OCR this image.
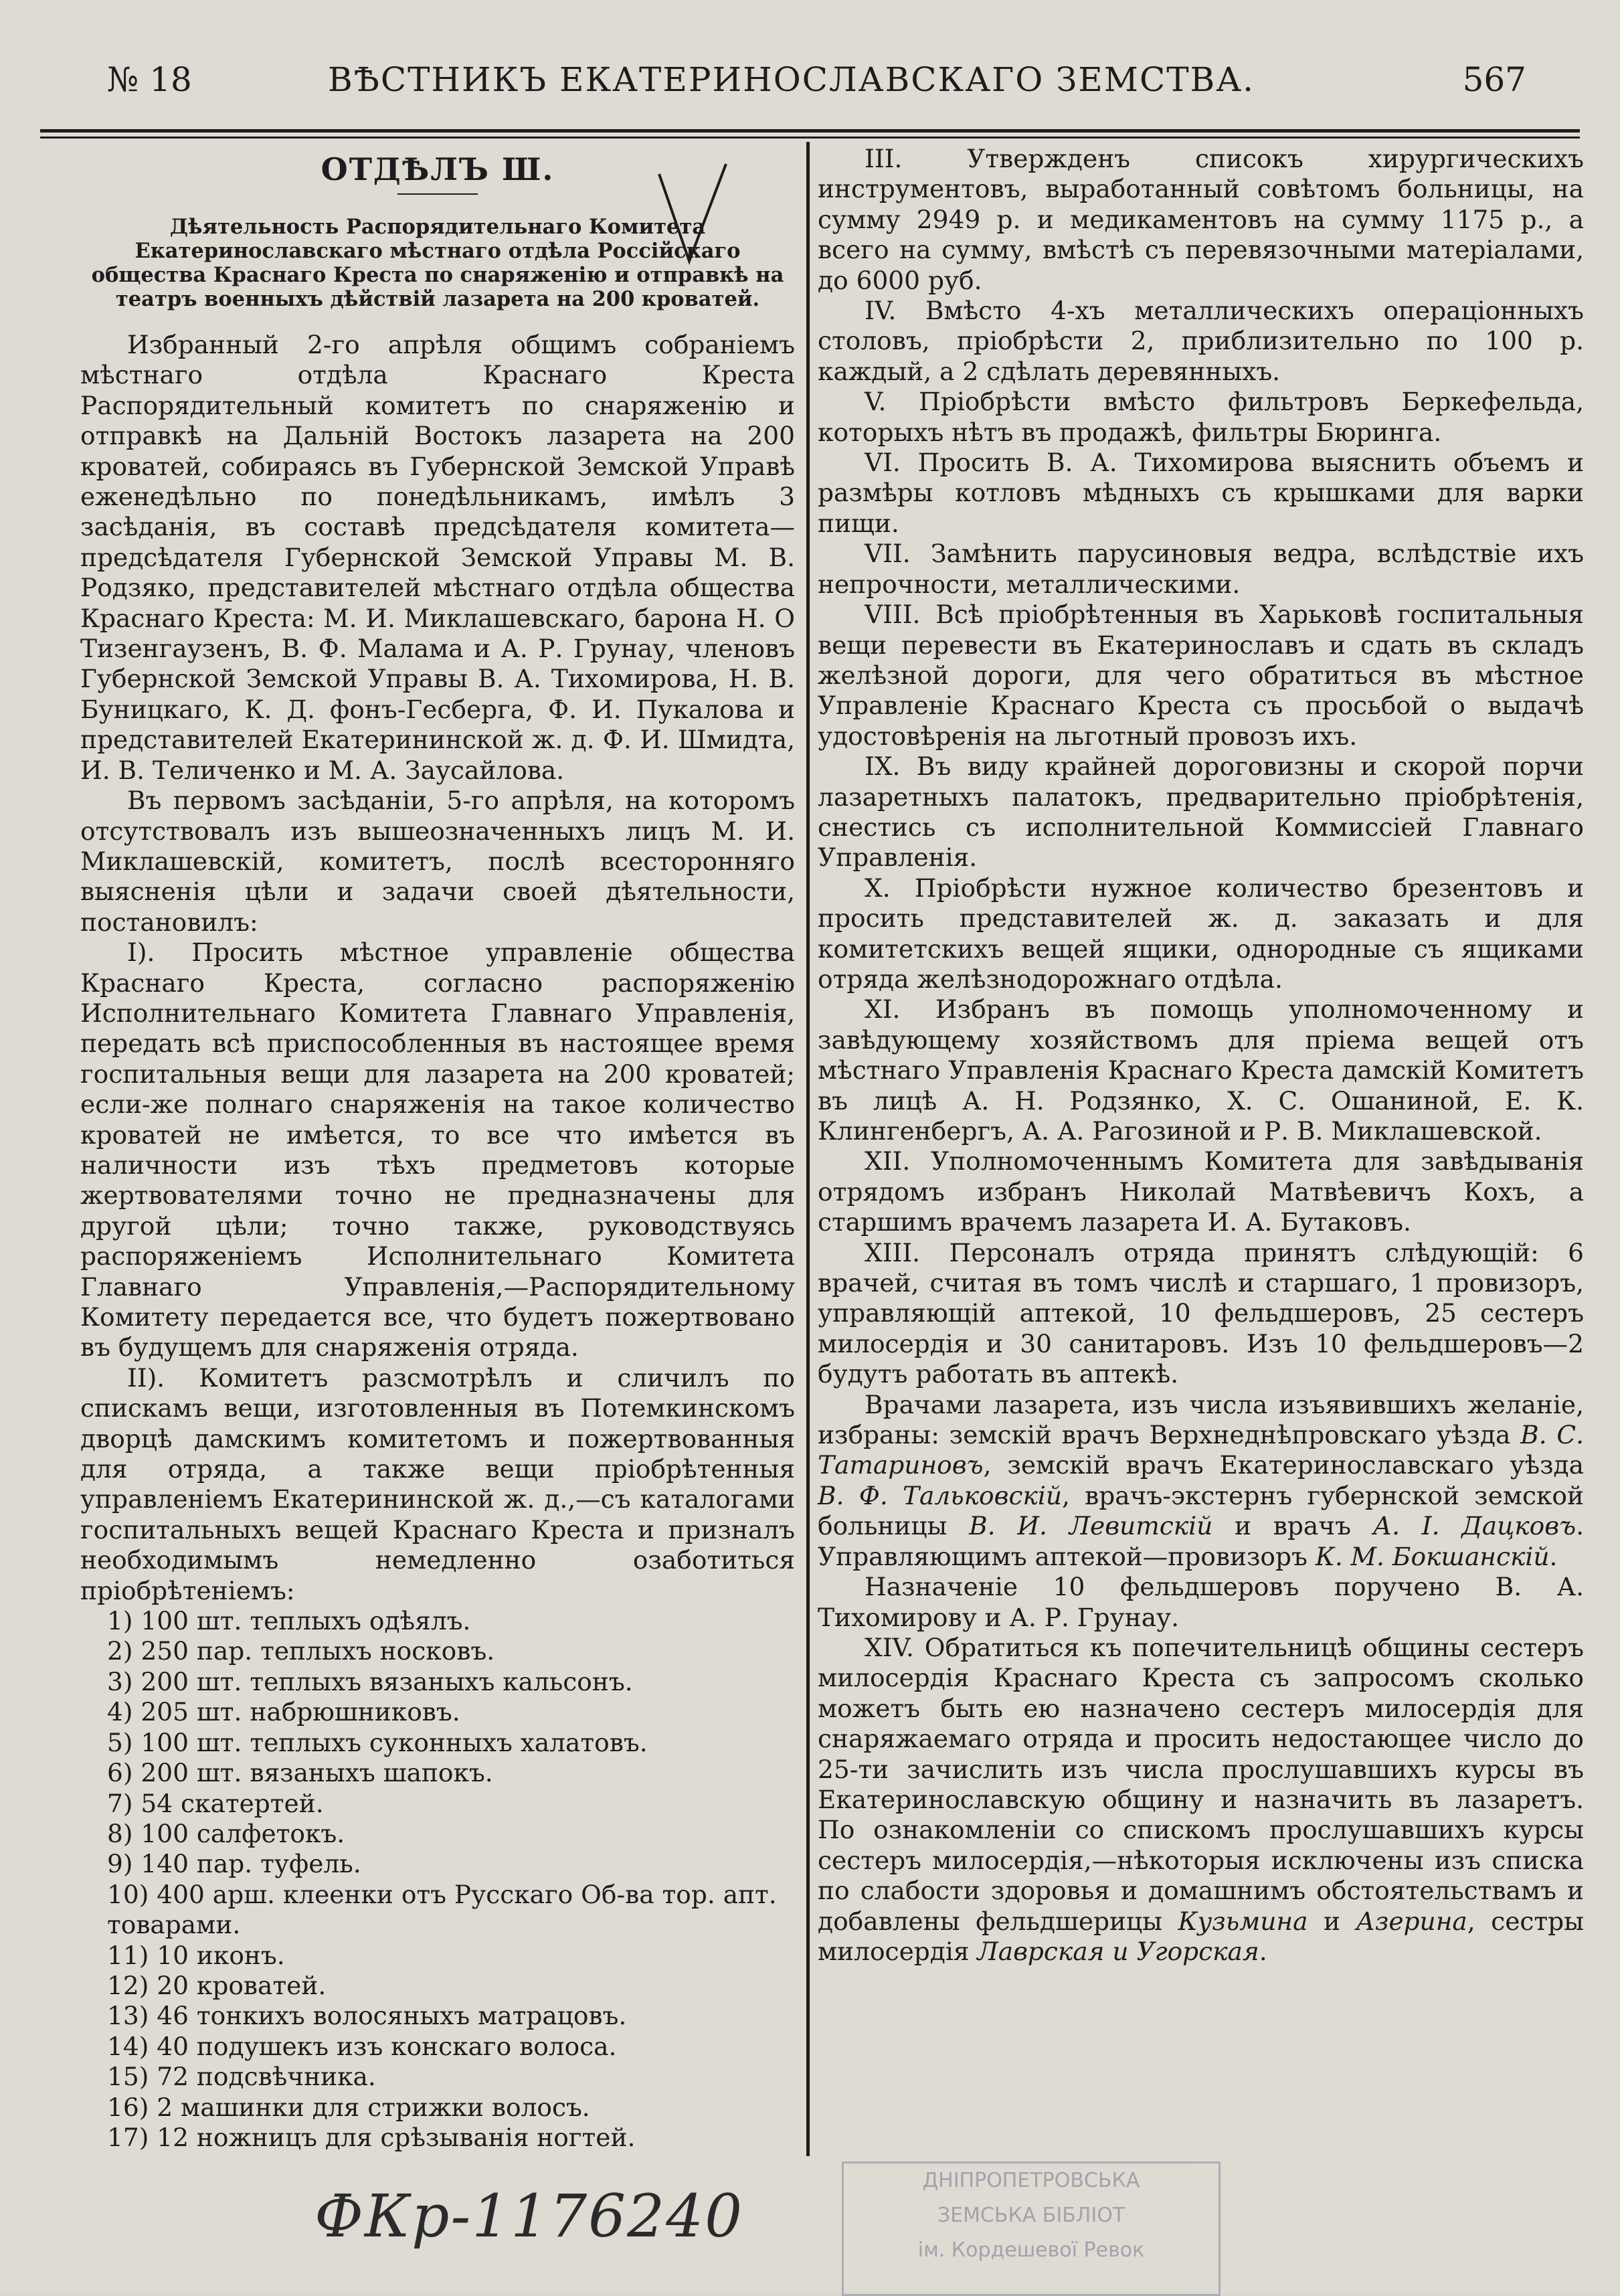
№ 18	ВѢСТНИКЪ ЕКАТЕРИНОСЛАВСКАГО ЗЕМСТВА.	567
ОТДѢЛЪ Ш.
Дѣятельность Распорядительнаго Комитета Екатеринославскаго мѣстнаго отдѣла Россійскаго общества Краснаго Креста по снаряженію и отправкѣ на театръ военныхъ дѣйствій лазарета на 200 кроватей.

Избранный 2-го апрѣля общимъ собраніемъ мѣстнаго отдѣла Краснаго Креста Распорядительный комитетъ по снаряженію и отправкѣ на Дальній Востокъ лазарета на 200 кроватей, собираясь въ Губернской Земской Управѣ еженедѣльно по понедѣльникамъ, имѣлъ 3 засѣданія, въ составѣ предсѣдателя комитета—предсѣдателя Губернской Земской Управы М. В. Родзяко, представителей мѣстнаго отдѣла общества Краснаго Креста: М. И. Миклашевскаго, барона Н. О Тизенгаузенъ, В. Ф. Малама и А. Р. Грунау, членовъ Губернской Земской Управы В. А. Тихомирова, Н. В. Буницкаго, К. Д. фонъ-Гесберга, Ф. И. Пукалова и представителей Екатерининской ж. д. Ф. И. Шмидта, И. В. Теличенко и М. А. Заусайлова.

Въ первомъ засѣданіи, 5-го апрѣля, на которомъ отсутствовалъ изъ вышеозначенныхъ лицъ М. И. Миклашевскій, комитетъ, послѣ всесторонняго выясненія цѣли и задачи своей дѣятельности, постановилъ:

I). Просить мѣстное управленіе общества Краснаго Креста, согласно распоряженію Исполнительнаго Комитета Главнаго Управленія, передать всѣ приспособленныя въ настоящее время госпитальныя вещи для лазарета на 200 кроватей; если-же полнаго снаряженія на такое количество кроватей не имѣется, то все что имѣется въ наличности изъ тѣхъ предметовъ которые жертвователями точно не предназначены для другой цѣли; точно также, руководствуясь распоряженіемъ Исполнительнаго Комитета Главнаго Управленія,—Распорядительному Комитету передается все, что будетъ пожертвовано въ будущемъ для снаряженія отряда.

II). Комитетъ разсмотрѣлъ и сличилъ по спискамъ вещи, изготовленныя въ Потемкинскомъ дворцѣ дамскимъ комитетомъ и пожертвованныя для отряда, а также вещи пріобрѣтенныя управленіемъ Екатерининской ж. д.,—съ каталогами госпитальныхъ вещей Краснаго Креста и призналъ необходимымъ немедленно озаботиться пріобрѣтеніемъ:

1) 100 шт. теплыхъ одѣялъ.
2) 250 пар. теплыхъ носковъ.
3) 200 шт. теплыхъ вязаныхъ кальсонъ.
4) 205 шт. набрюшниковъ.
5) 100 шт. теплыхъ суконныхъ халатовъ.
6) 200 шт. вязаныхъ шапокъ.
7) 54 скатертей.
8) 100 салфетокъ.
9) 140 пар. туфель.
10) 400 арш. клеенки отъ Русскаго Об-ва тор. апт. товарами.
11) 10 иконъ.
12) 20 кроватей.
13) 46 тонкихъ волосяныхъ матрацовъ.
14) 40 подушекъ изъ конскаго волоса.
15) 72 подсвѣчника.
16) 2 машинки для стрижки волосъ.
17) 12 ножницъ для срѣзыванія ногтей.

III. Утвержденъ списокъ хирургическихъ инструментовъ, выработанный совѣтомъ больницы, на сумму 2949 р. и медикаментовъ на сумму 1175 р., а всего на сумму, вмѣстѣ съ перевязочными матеріалами, до 6000 руб.

IV. Вмѣсто 4-хъ металлическихъ операціонныхъ столовъ, пріобрѣсти 2, приблизительно по 100 р. каждый, а 2 сдѣлать деревянныхъ.

V. Пріобрѣсти вмѣсто фильтровъ Беркефельда, которыхъ нѣтъ въ продажѣ, фильтры Бюринга.

VI. Просить В. А. Тихомирова выяснить объемъ и размѣры котловъ мѣдныхъ съ крышками для варки пищи.

VII. Замѣнить парусиновыя ведра, вслѣдствіе ихъ непрочности, металлическими.

VIII. Всѣ пріобрѣтенныя въ Харьковѣ госпитальныя вещи перевести въ Екатеринославъ и сдать въ складъ желѣзной дороги, для чего обратиться въ мѣстное Управленіе Краснаго Креста съ просьбой о выдачѣ удостовѣренія на льготный провозъ ихъ.

IX. Въ виду крайней дороговизны и скорой порчи лазаретныхъ палатокъ, предварительно пріобрѣтенія, снестись съ исполнительной Коммиссіей Главнаго Управленія.

X. Пріобрѣсти нужное количество брезентовъ и просить представителей ж. д. заказать и для комитетскихъ вещей ящики, однородные съ ящиками отряда желѣзнодорожнаго отдѣла.

XI. Избранъ въ помощь уполномоченному и завѣдующему хозяйствомъ для пріема вещей отъ мѣстнаго Управленія Краснаго Креста дамскій Комитетъ въ лицѣ А. Н. Родзянко, Х. С. Ошаниной, Е. К. Клингенбергъ, А. А. Рагозиной и Р. В. Миклашевской.

XII. Уполномоченнымъ Комитета для завѣдыванія отрядомъ избранъ Николай Матвѣевичъ Кохъ, а старшимъ врачемъ лазарета И. А. Бутаковъ.

XIII. Персоналъ отряда принятъ слѣдующій: 6 врачей, считая въ томъ числѣ и старшаго, 1 провизоръ, управляющій аптекой, 10 фельдшеровъ, 25 сестеръ милосердія и 30 санитаровъ. Изъ 10 фельдшеровъ—2 будутъ работать въ аптекѣ.

Врачами лазарета, изъ числа изъявившихъ желаніе, избраны: земскій врачъ Верхнеднѣпровскаго уѣзда В. С. Татариновъ, земскій врачъ Екатеринославскаго уѣзда В. Ф. Тальковскій, врачъ-экстернъ губернской земской больницы В. И. Левитскій и врачъ А. І. Дацковъ. Управляющимъ аптекой—провизоръ К. М. Бокшанскій.

Назначеніе 10 фельдшеровъ поручено В. А. Тихомирову и А. Р. Грунау.

XIV. Обратиться къ попечительницѣ общины сестеръ милосердія Краснаго Креста съ запросомъ сколько можетъ быть ею назначено сестеръ милосердія для снаряжаемаго отряда и просить недостающее число до 25-ти зачислить изъ числа прослушавшихъ курсы въ Екатеринославскую общину и назначить въ лазаретъ. По ознакомленіи со спискомъ прослушавшихъ курсы сестеръ милосердія,—нѣкоторыя исключены изъ списка по слабости здоровья и домашнимъ обстоятельствамъ и добавлены фельдшерицы Кузьмина и Азерина, сестры милосердія Лаврская и Угорская.

ФКр-1176240
ДНІПРОПЕТРОВСЬКА
ЗЕМСЬКА БІБЛІОТ
ім. Кордешевої Ревок
